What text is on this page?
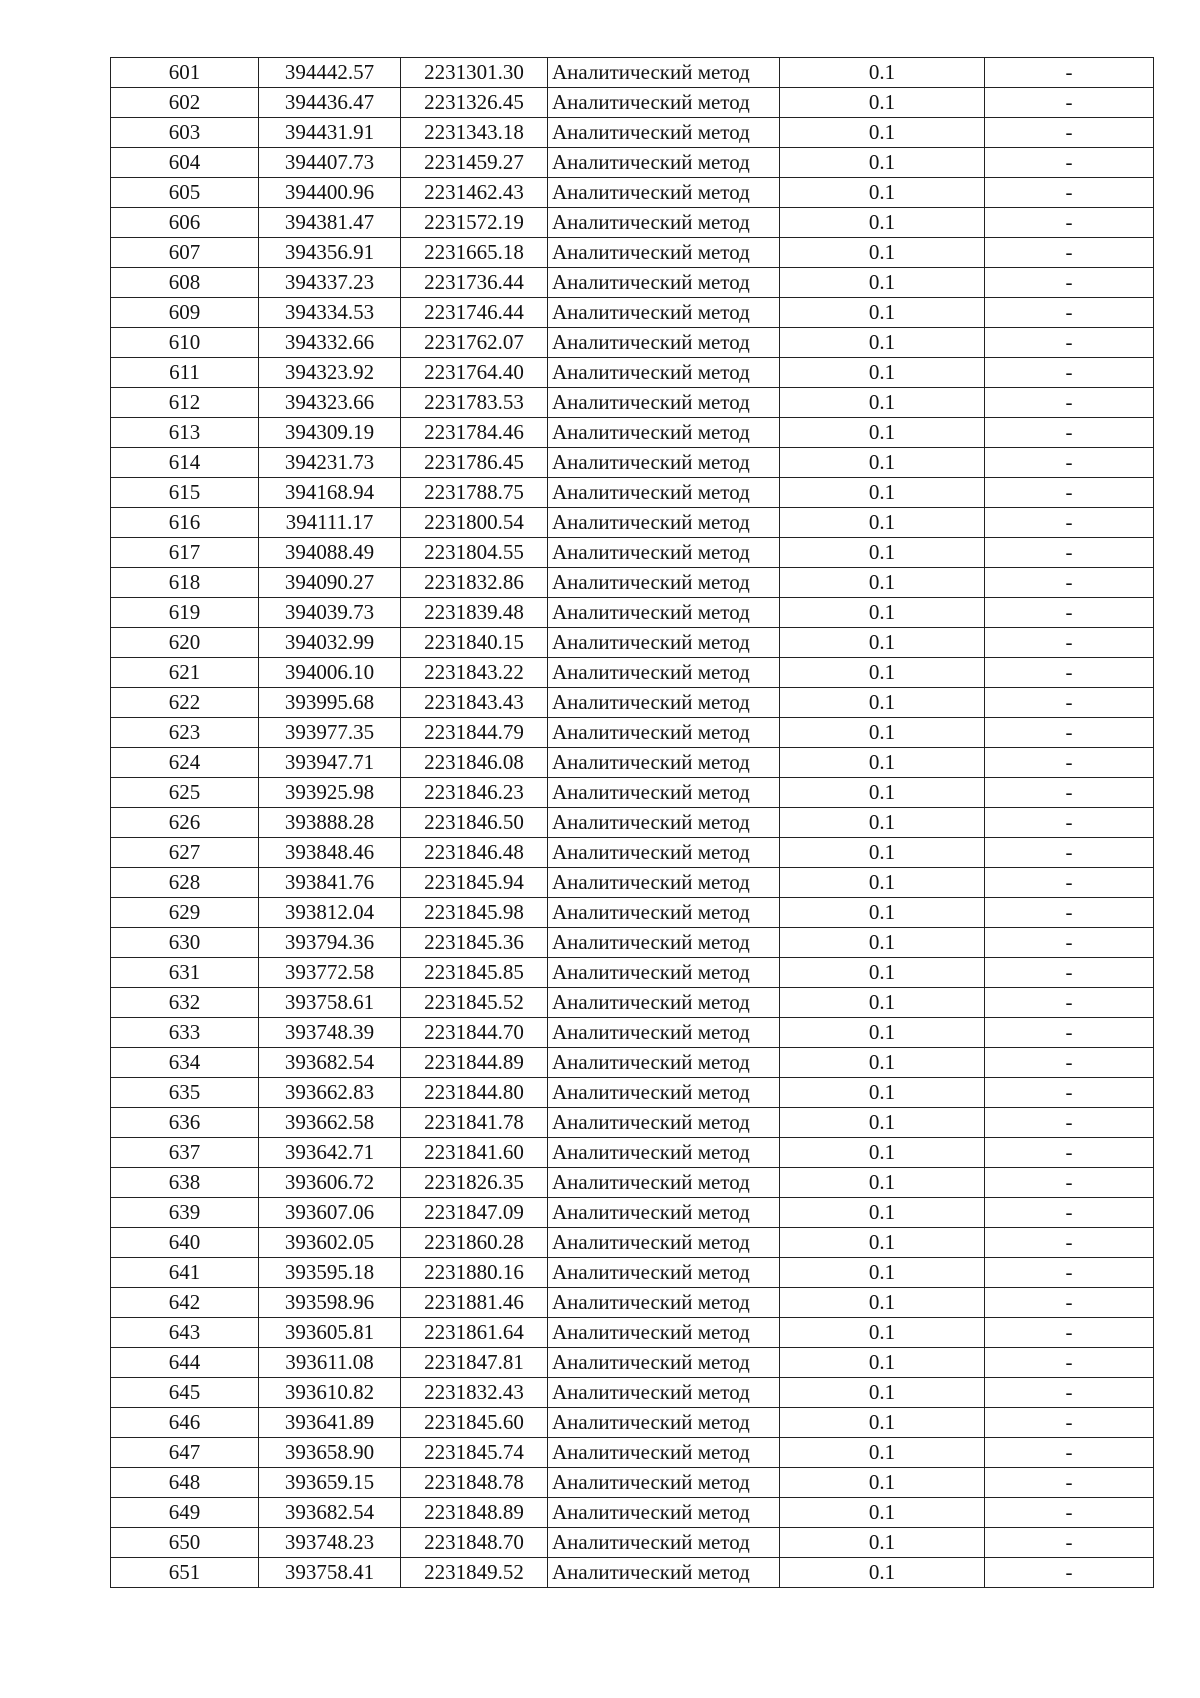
601	394442.57	2231301.30	Аналитический метод	0.1	-
602	394436.47	2231326.45	Аналитический метод	0.1	-
603	394431.91	2231343.18	Аналитический метод	0.1	-
604	394407.73	2231459.27	Аналитический метод	0.1	-
605	394400.96	2231462.43	Аналитический метод	0.1	-
606	394381.47	2231572.19	Аналитический метод	0.1	-
607	394356.91	2231665.18	Аналитический метод	0.1	-
608	394337.23	2231736.44	Аналитический метод	0.1	-
609	394334.53	2231746.44	Аналитический метод	0.1	-
610	394332.66	2231762.07	Аналитический метод	0.1	-
611	394323.92	2231764.40	Аналитический метод	0.1	-
612	394323.66	2231783.53	Аналитический метод	0.1	-
613	394309.19	2231784.46	Аналитический метод	0.1	-
614	394231.73	2231786.45	Аналитический метод	0.1	-
615	394168.94	2231788.75	Аналитический метод	0.1	-
616	394111.17	2231800.54	Аналитический метод	0.1	-
617	394088.49	2231804.55	Аналитический метод	0.1	-
618	394090.27	2231832.86	Аналитический метод	0.1	-
619	394039.73	2231839.48	Аналитический метод	0.1	-
620	394032.99	2231840.15	Аналитический метод	0.1	-
621	394006.10	2231843.22	Аналитический метод	0.1	-
622	393995.68	2231843.43	Аналитический метод	0.1	-
623	393977.35	2231844.79	Аналитический метод	0.1	-
624	393947.71	2231846.08	Аналитический метод	0.1	-
625	393925.98	2231846.23	Аналитический метод	0.1	-
626	393888.28	2231846.50	Аналитический метод	0.1	-
627	393848.46	2231846.48	Аналитический метод	0.1	-
628	393841.76	2231845.94	Аналитический метод	0.1	-
629	393812.04	2231845.98	Аналитический метод	0.1	-
630	393794.36	2231845.36	Аналитический метод	0.1	-
631	393772.58	2231845.85	Аналитический метод	0.1	-
632	393758.61	2231845.52	Аналитический метод	0.1	-
633	393748.39	2231844.70	Аналитический метод	0.1	-
634	393682.54	2231844.89	Аналитический метод	0.1	-
635	393662.83	2231844.80	Аналитический метод	0.1	-
636	393662.58	2231841.78	Аналитический метод	0.1	-
637	393642.71	2231841.60	Аналитический метод	0.1	-
638	393606.72	2231826.35	Аналитический метод	0.1	-
639	393607.06	2231847.09	Аналитический метод	0.1	-
640	393602.05	2231860.28	Аналитический метод	0.1	-
641	393595.18	2231880.16	Аналитический метод	0.1	-
642	393598.96	2231881.46	Аналитический метод	0.1	-
643	393605.81	2231861.64	Аналитический метод	0.1	-
644	393611.08	2231847.81	Аналитический метод	0.1	-
645	393610.82	2231832.43	Аналитический метод	0.1	-
646	393641.89	2231845.60	Аналитический метод	0.1	-
647	393658.90	2231845.74	Аналитический метод	0.1	-
648	393659.15	2231848.78	Аналитический метод	0.1	-
649	393682.54	2231848.89	Аналитический метод	0.1	-
650	393748.23	2231848.70	Аналитический метод	0.1	-
651	393758.41	2231849.52	Аналитический метод	0.1	-
